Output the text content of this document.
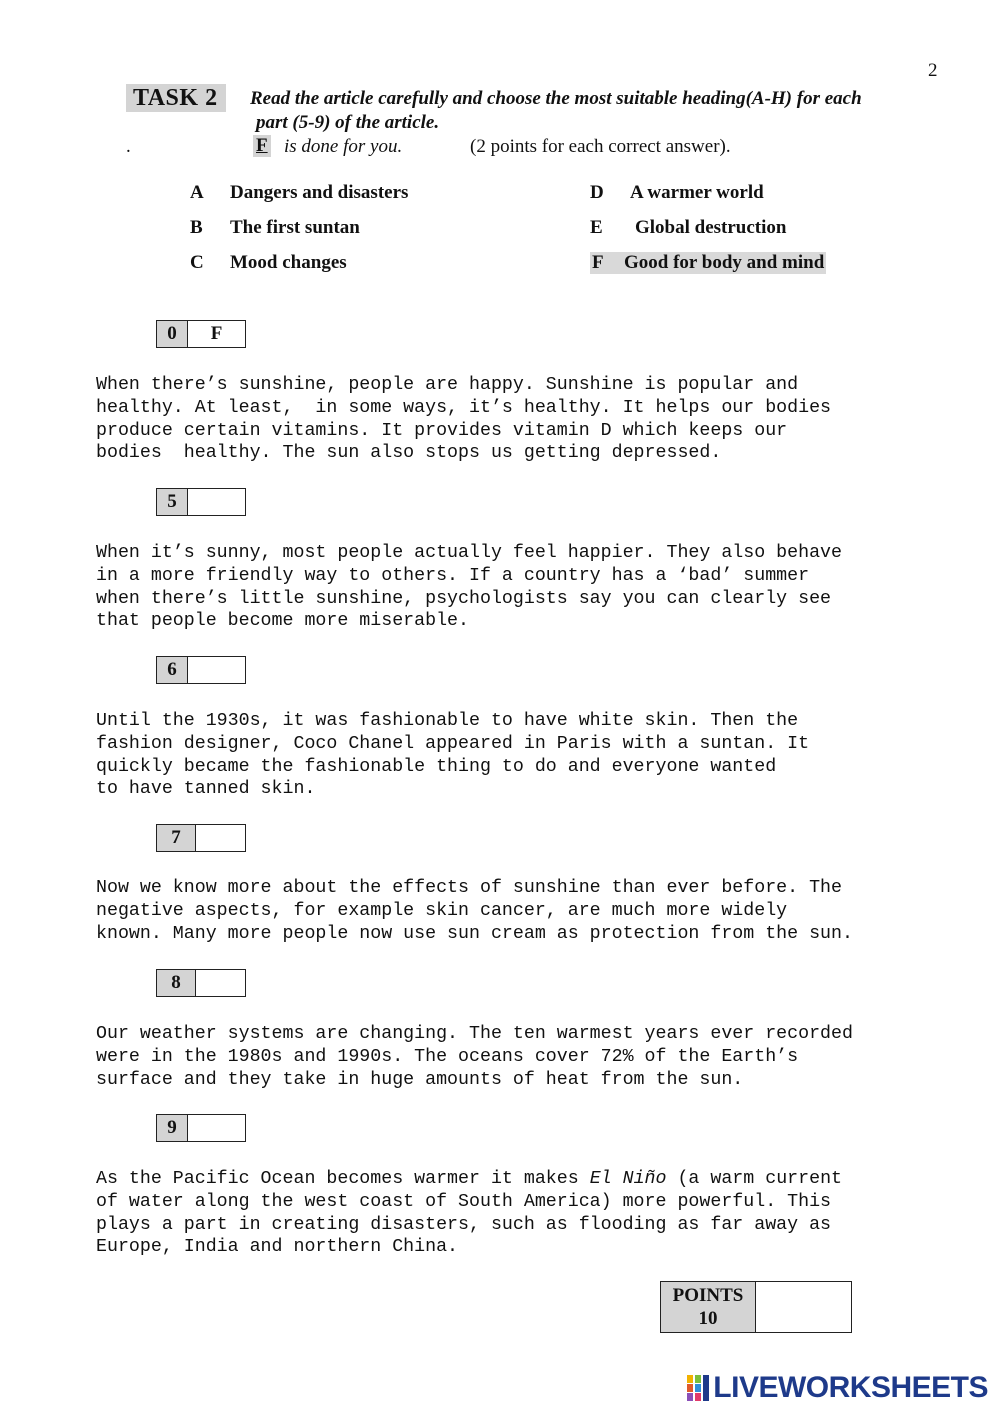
2
TASK 2	Read the article carefully and choose the most suitable heading(A-H) for each
part (5-9) of the article.
.	F is done for you.	(2 points for each correct answer).
A Dangers and disasters
B The first suntan
C Mood changes
D A warmer world
E Global destruction
F Good for body and mind
0	F
When there’s sunshine, people are happy. Sunshine is popular and
healthy. At least,  in some ways, it’s healthy. It helps our bodies
produce certain vitamins. It provides vitamin D which keeps our
bodies  healthy. The sun also stops us getting depressed.
5
When it’s sunny, most people actually feel happier. They also behave
in a more friendly way to others. If a country has a ‘bad’ summer
when there’s little sunshine, psychologists say you can clearly see
that people become more miserable.
6
Until the 1930s, it was fashionable to have white skin. Then the
fashion designer, Coco Chanel appeared in Paris with a suntan. It
quickly became the fashionable thing to do and everyone wanted
to have tanned skin.
7
Now we know more about the effects of sunshine than ever before. The
negative aspects, for example skin cancer, are much more widely
known. Many more people now use sun cream as protection from the sun.
8
Our weather systems are changing. The ten warmest years ever recorded
were in the 1980s and 1990s. The oceans cover 72% of the Earth’s
surface and they take in huge amounts of heat from the sun.
9
As the Pacific Ocean becomes warmer it makes El Niño (a warm current
of water along the west coast of South America) more powerful. This
plays a part in creating disasters, such as flooding as far away as
Europe, India and northern China.
POINTS
10
LIVEWORKSHEETS
